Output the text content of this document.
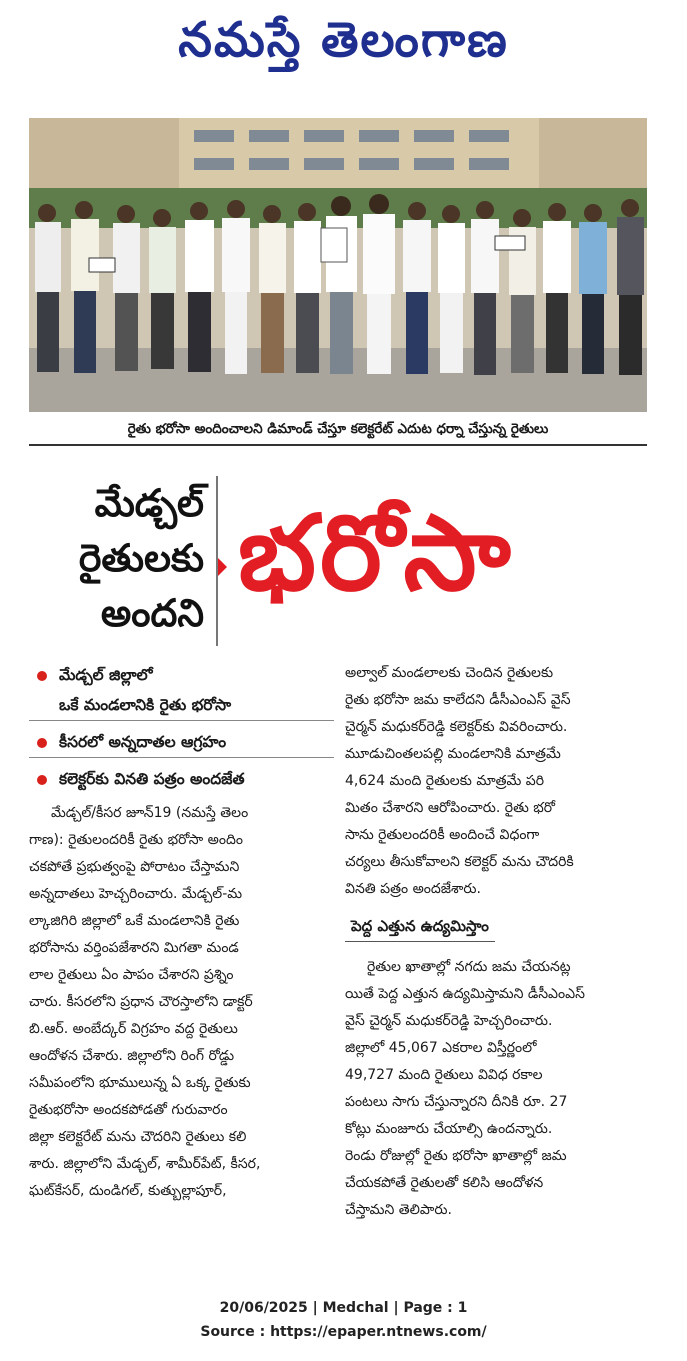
నమస్తే తెలంగాణ
రైతు భరోసా అందించాలని డిమాండ్ చేస్తూ కలెక్టరేట్ ఎదుట ధర్నా చేస్తున్న రైతులు
మేడ్చల్
రైతులకు
అందని భరోసా
మేడ్చల్ జిల్లాలో
ఒకే మండలానికి రైతు భరోసా
కీసరలో అన్నదాతల ఆగ్రహం
కలెక్టర్‌కు వినతి పత్రం అందజేత
మేడ్చల్/కీసర జూన్19 (నమస్తే తెలం
గాణ): రైతులందరికీ రైతు భరోసా అందిం
చకపోతే ప్రభుత్వంపై పోరాటం చేస్తామని
అన్నదాతలు హెచ్చరించారు. మేడ్చల్-మ
ల్కాజిగిరి జిల్లాలో ఒకే మండలానికి రైతు
భరోసాను వర్తింపజేశారని మిగతా మండ
లాల రైతులు ఏం పాపం చేశారని ప్రశ్నిం
చారు. కీసరలోని ప్రధాన చౌరస్తాలోని డాక్టర్
బి.ఆర్. అంబేద్కర్ విగ్రహం వద్ద రైతులు
ఆందోళన చేశారు. జిల్లాలోని రింగ్ రోడ్డు
సమీపంలోని భూములున్న ఏ ఒక్క రైతుకు
రైతుభరోసా అందకపోడతో గురువారం
జిల్లా కలెక్టరేట్ మను చౌదరిని రైతులు కలి
శారు. జిల్లాలోని మేడ్చల్, శామీర్‌పేట్, కీసర,
ఘట్‌కేసర్, దుండిగల్, కుత్బుల్లాపూర్,
అల్వాల్ మండలాలకు చెందిన రైతులకు
రైతు భరోసా జమ కాలేదని డీసీఎంఎస్ వైస్
చైర్మన్ మధుకర్‌రెడ్డి కలెక్టర్‌కు వివరించారు.
మూడుచింతలపల్లి మండలానికి మాత్రమే
4,624 మంది రైతులకు మాత్రమే పరి
మితం చేశారని ఆరోపించారు. రైతు భరో
సాను రైతులందరికీ అందించే విధంగా
చర్యలు తీసుకోవాలని కలెక్టర్ మను చౌదరికి
వినతి పత్రం అందజేశారు.
పెద్ద ఎత్తున ఉద్యమిస్తాం
రైతుల ఖాతాల్లో నగదు జమ చేయనట్ల
యితే పెద్ద ఎత్తున ఉద్యమిస్తామని డీసీఎంఎస్
వైస్ చైర్మన్ మధుకర్‌రెడ్డి హెచ్చరించారు.
జిల్లాలో 45,067 ఎకరాల విస్తీర్ణంలో
49,727 మంది రైతులు వివిధ రకాల
పంటలు సాగు చేస్తున్నారని దీనికి రూ. 27
కోట్లు మంజూరు చేయాల్సి ఉందన్నారు.
రెండు రోజుల్లో రైతు భరోసా ఖాతాల్లో జమ
చేయకపోతే రైతులతో కలిసి ఆందోళన
చేస్తామని తెలిపారు.
20/06/2025 | Medchal | Page : 1
Source : https://epaper.ntnews.com/
